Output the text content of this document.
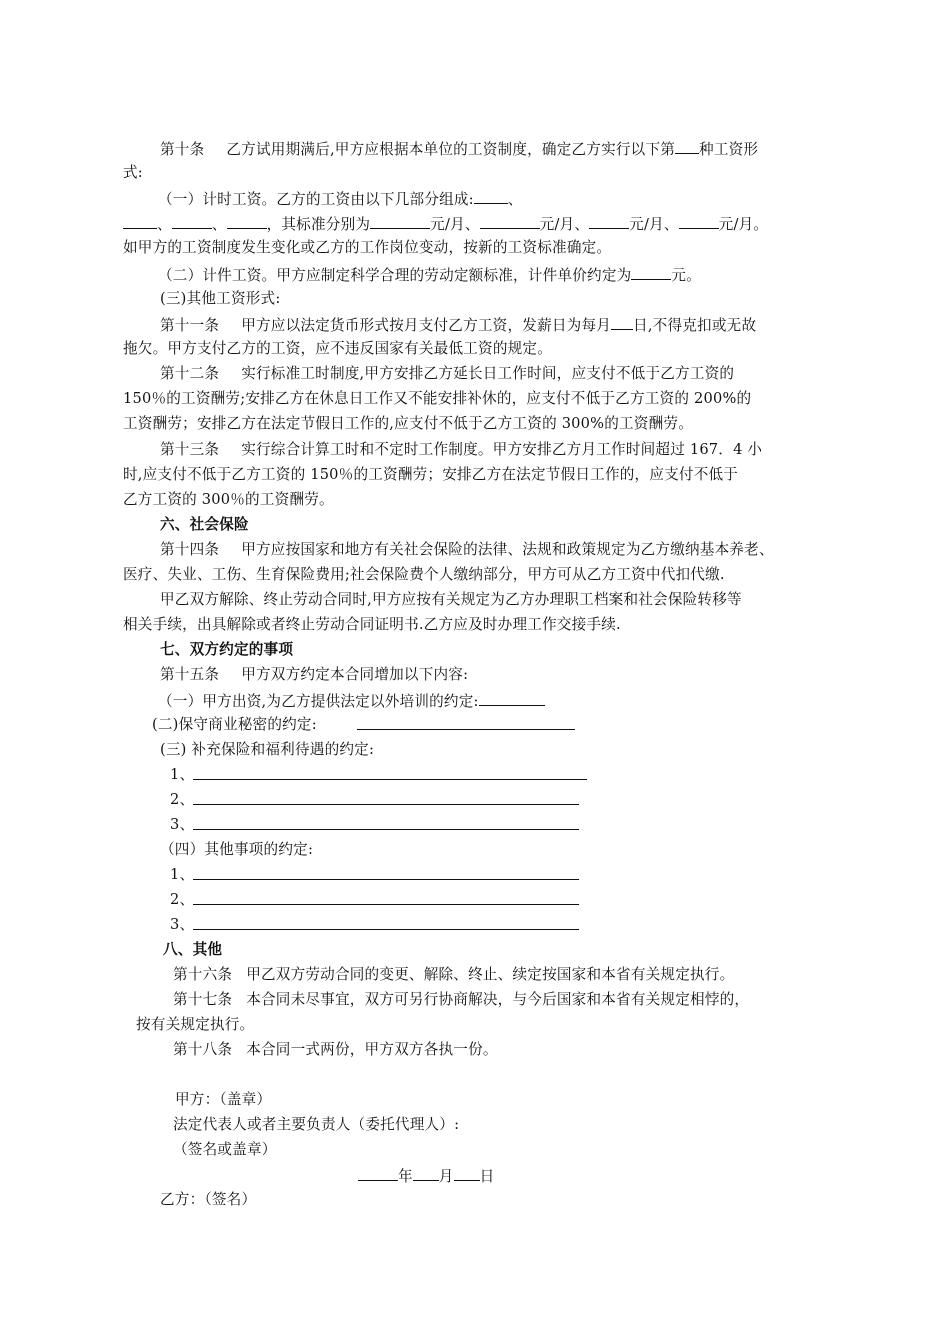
第十条 乙方试用期满后,甲方应根据本单位的工资制度，确定乙方实行以下第 种工资形
式:
（一）计时工资。乙方的工资由以下几部分组成: 、
、	、	，其标准分别为	元/月、	元/月、	元/月、	元/月。
如甲方的工资制度发生变化或乙方的工作岗位变动，按新的工资标准确定。
（二）计件工资。甲方应制定科学合理的劳动定额标准，计件单价约定为	元。
(三)其他工资形式:
第十一条 甲方应以法定货币形式按月支付乙方工资，发薪日为每月 日,不得克扣或无故
拖欠。甲方支付乙方的工资，应不违反国家有关最低工资的规定。
第十二条 实行标准工时制度,甲方安排乙方延长日工作时间，应支付不低于乙方工资的
150％的工资酬劳;安排乙方在休息日工作又不能安排补休的，应支付不低于乙方工资的 200%的
工资酬劳；安排乙方在法定节假日工作的,应支付不低于乙方工资的 300%的工资酬劳。
第十三条 实行综合计算工时和不定时工作制度。甲方安排乙方月工作时间超过 167．4 小
时,应支付不低于乙方工资的 150％的工资酬劳；安排乙方在法定节假日工作的，应支付不低于
乙方工资的 300％的工资酬劳。
六、社会保险
第十四条 甲方应按国家和地方有关社会保险的法律、法规和政策规定为乙方缴纳基本养老、
医疗、失业、工伤、生育保险费用;社会保险费个人缴纳部分，甲方可从乙方工资中代扣代缴.
甲乙双方解除、终止劳动合同时,甲方应按有关规定为乙方办理职工档案和社会保险转移等
相关手续，出具解除或者终止劳动合同证明书.乙方应及时办理工作交接手续.
七、双方约定的事项
第十五条 甲方双方约定本合同增加以下内容:
（一）甲方出资,为乙方提供法定以外培训的约定:
(二)保守商业秘密的约定:
(三) 补充保险和福利待遇的约定:
1、
2、
3、
（四）其他事项的约定:
1、
2、
3、
八、其他
第十六条 甲乙双方劳动合同的变更、解除、终止、续定按国家和本省有关规定执行。
第十七条 本合同未尽事宜，双方可另行协商解决，与今后国家和本省有关规定相悖的，
按有关规定执行。
第十八条 本合同一式两份，甲方双方各执一份。
甲方：（盖章）
法定代表人或者主要负责人（委托代理人）:
（签名或盖章）
年 月 日
乙方：（签名）
